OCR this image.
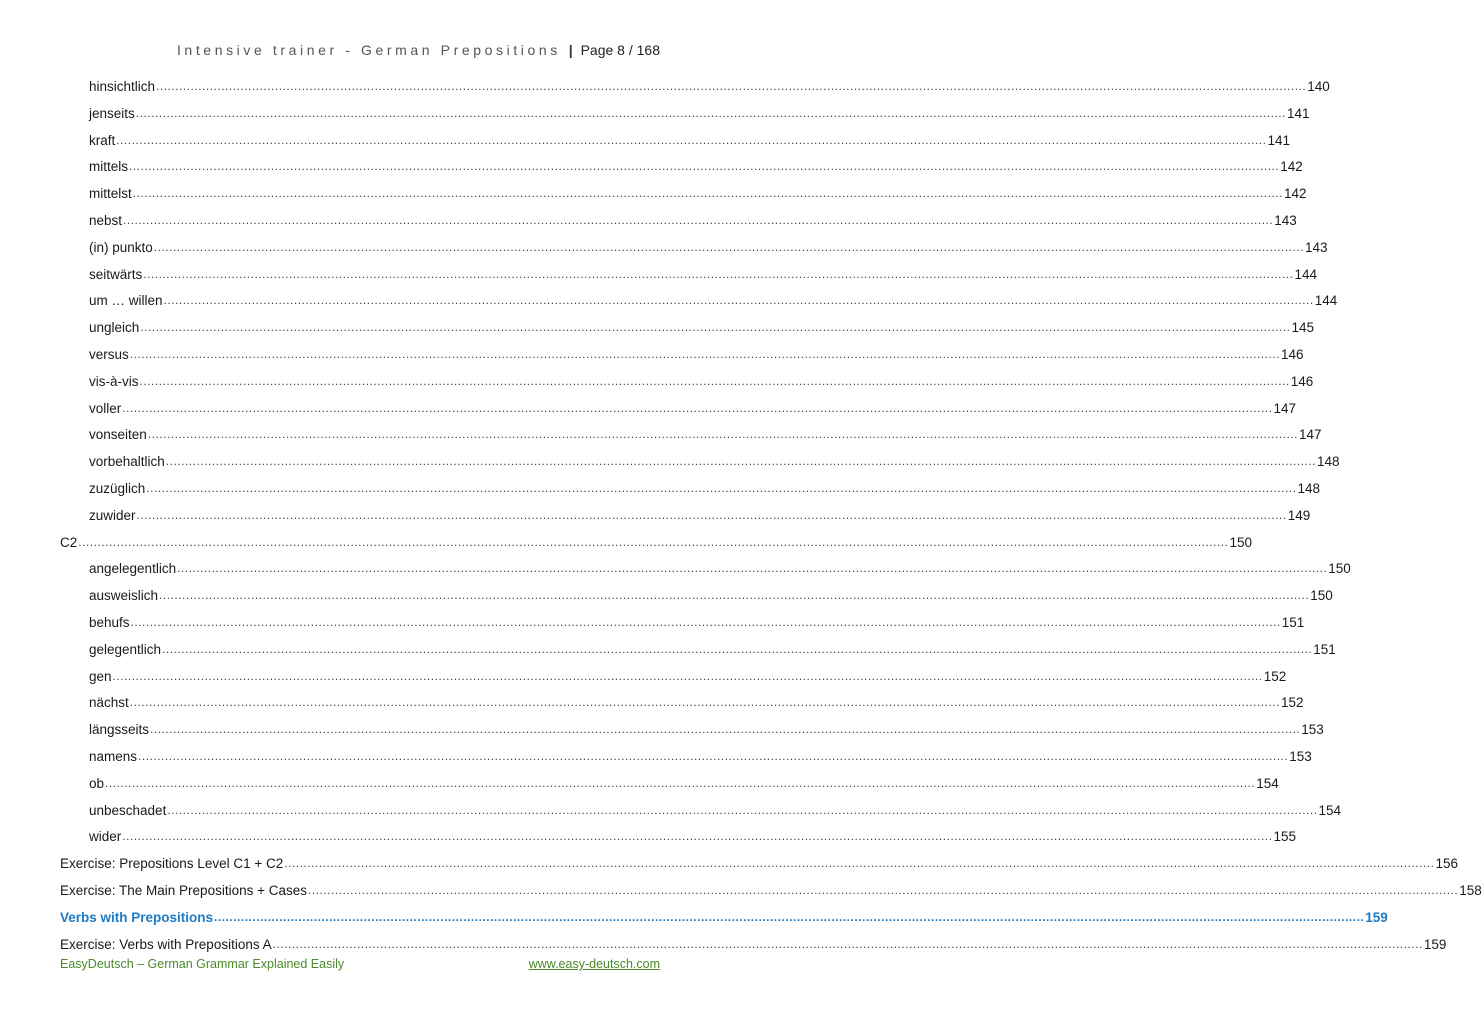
Intensive trainer - German Prepositions | Page 8 / 168
hinsichtlich ............................................................................................................................................................................................................................................................................................................ 140
jenseits ............................................................................................................................................................................................................................................................................................................ 141
kraft ............................................................................................................................................................................................................................................................................................................ 141
mittels ............................................................................................................................................................................................................................................................................................................ 142
mittelst ............................................................................................................................................................................................................................................................................................................ 142
nebst ............................................................................................................................................................................................................................................................................................................ 143
(in) punkto ............................................................................................................................................................................................................................................................................................................ 143
seitwärts ............................................................................................................................................................................................................................................................................................................ 144
um … willen ............................................................................................................................................................................................................................................................................................................ 144
ungleich ............................................................................................................................................................................................................................................................................................................ 145
versus ............................................................................................................................................................................................................................................................................................................ 146
vis-à-vis ............................................................................................................................................................................................................................................................................................................ 146
voller ............................................................................................................................................................................................................................................................................................................ 147
vonseiten ............................................................................................................................................................................................................................................................................................................ 147
vorbehaltlich ............................................................................................................................................................................................................................................................................................................ 148
zuzüglich ............................................................................................................................................................................................................................................................................................................ 148
zuwider ............................................................................................................................................................................................................................................................................................................ 149
C2 ............................................................................................................................................................................................................................................................................................................ 150
angelegentlich ............................................................................................................................................................................................................................................................................................................ 150
ausweislich ............................................................................................................................................................................................................................................................................................................ 150
behufs ............................................................................................................................................................................................................................................................................................................ 151
gelegentlich ............................................................................................................................................................................................................................................................................................................ 151
gen ............................................................................................................................................................................................................................................................................................................ 152
nächst ............................................................................................................................................................................................................................................................................................................ 152
längsseits ............................................................................................................................................................................................................................................................................................................ 153
namens ............................................................................................................................................................................................................................................................................................................ 153
ob ............................................................................................................................................................................................................................................................................................................ 154
unbeschadet ............................................................................................................................................................................................................................................................................................................ 154
wider ............................................................................................................................................................................................................................................................................................................ 155
Exercise: Prepositions Level C1 + C2 ............................................................................................................................................................................................................................................................................................................ 156
Exercise: The Main Prepositions + Cases ............................................................................................................................................................................................................................................................................................................ 158
Verbs with Prepositions ............................................................................................................................................................................................................................................................................................................ 159
Exercise: Verbs with Prepositions A ............................................................................................................................................................................................................................................................................................................ 159
EasyDeutsch – German Grammar Explained Easily	www.easy-deutsch.com
